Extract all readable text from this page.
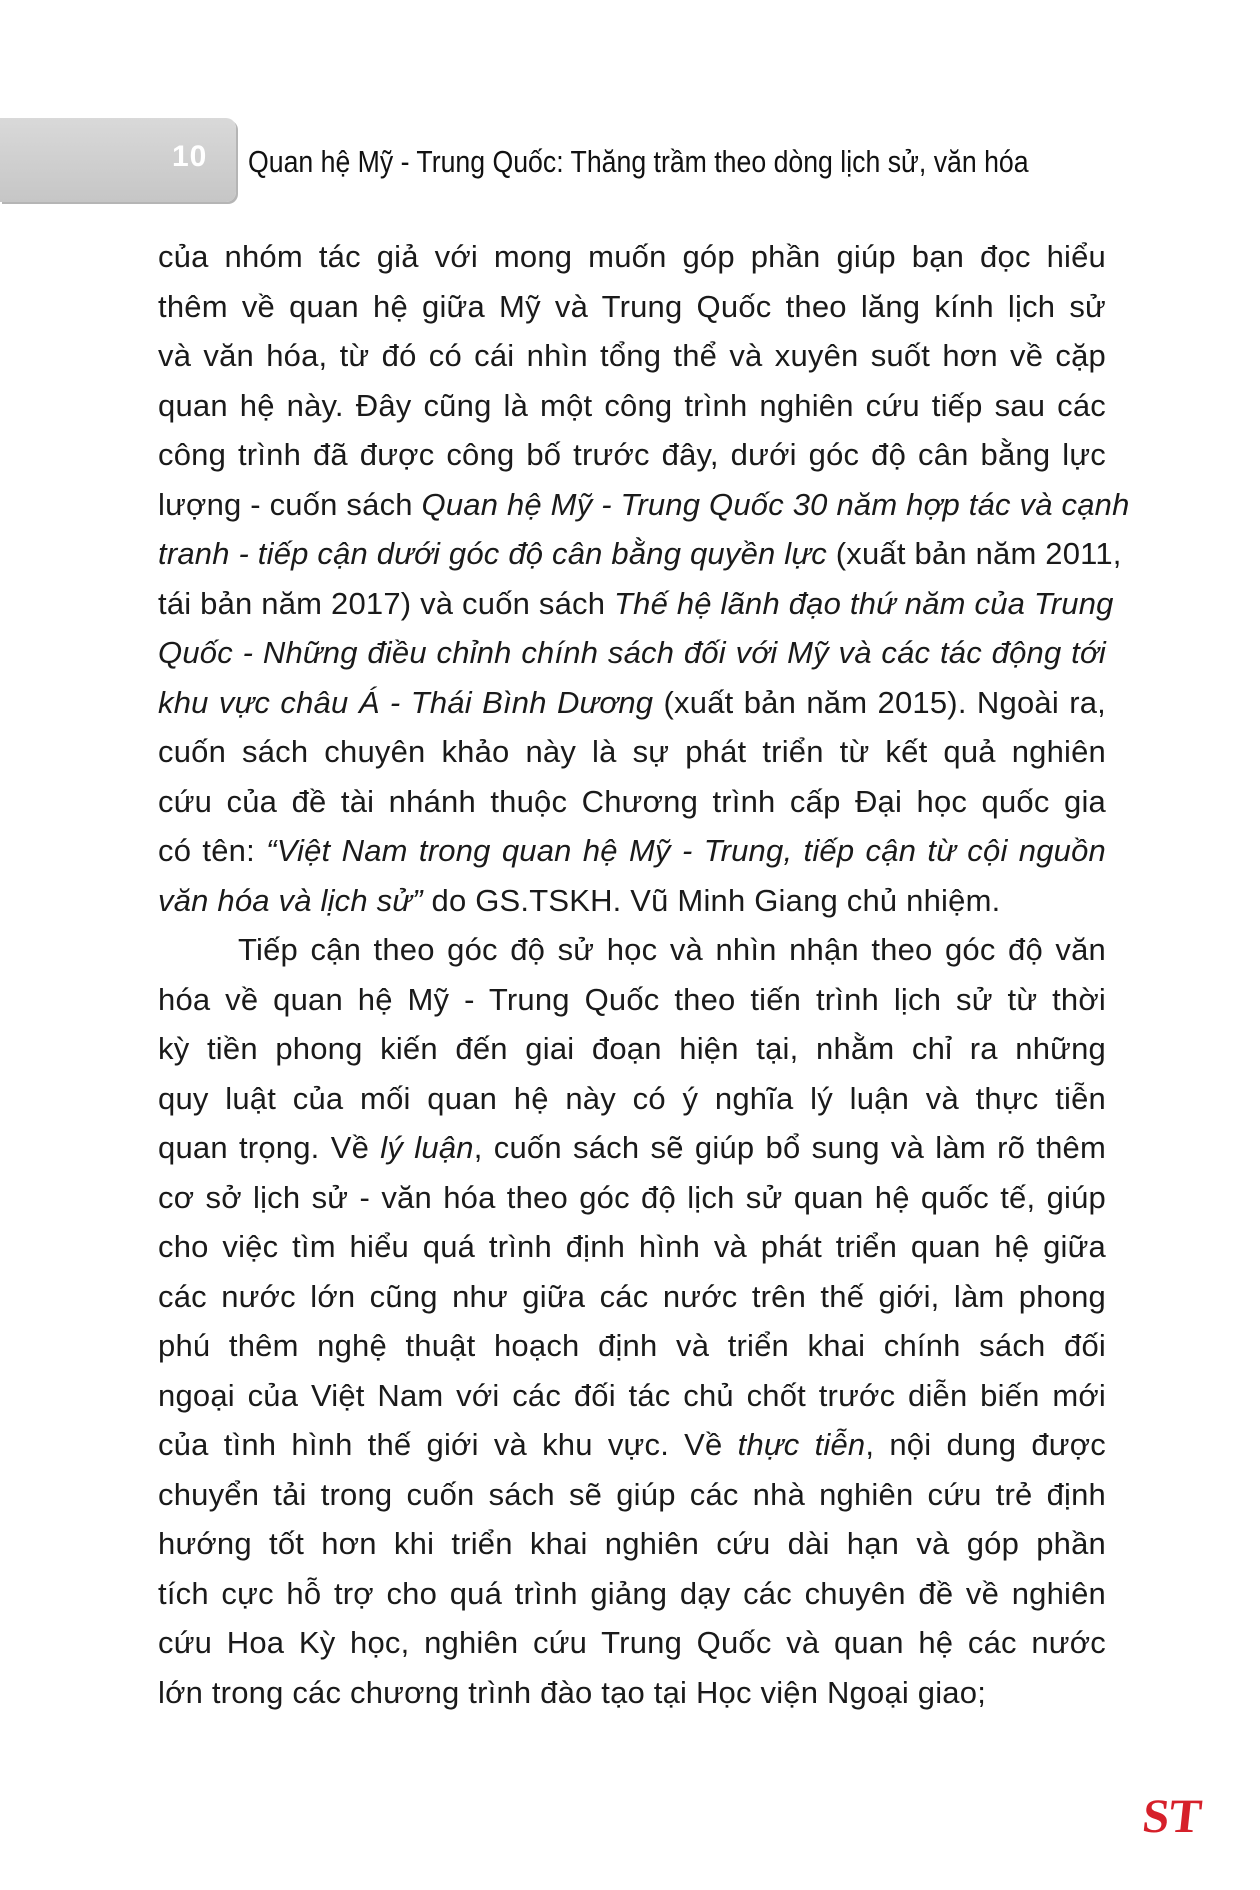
10 Quan hệ Mỹ - Trung Quốc: Thăng trầm theo dòng lịch sử, văn hóa
của nhóm tác giả với mong muốn góp phần giúp bạn đọc hiểu
thêm về quan hệ giữa Mỹ và Trung Quốc theo lăng kính lịch sử
và văn hóa, từ đó có cái nhìn tổng thể và xuyên suốt hơn về cặp
quan hệ này. Đây cũng là một công trình nghiên cứu tiếp sau các
công trình đã được công bố trước đây, dưới góc độ cân bằng lực
lượng - cuốn sách Quan hệ Mỹ - Trung Quốc 30 năm hợp tác và cạnh
tranh - tiếp cận dưới góc độ cân bằng quyền lực (xuất bản năm 2011,
tái bản năm 2017) và cuốn sách Thế hệ lãnh đạo thứ năm của Trung
Quốc - Những điều chỉnh chính sách đối với Mỹ và các tác động tới
khu vực châu Á - Thái Bình Dương (xuất bản năm 2015). Ngoài ra,
cuốn sách chuyên khảo này là sự phát triển từ kết quả nghiên
cứu của đề tài nhánh thuộc Chương trình cấp Đại học quốc gia
có tên: “Việt Nam trong quan hệ Mỹ - Trung, tiếp cận từ cội nguồn
văn hóa và lịch sử” do GS.TSKH. Vũ Minh Giang chủ nhiệm.
Tiếp cận theo góc độ sử học và nhìn nhận theo góc độ văn
hóa về quan hệ Mỹ - Trung Quốc theo tiến trình lịch sử từ thời
kỳ tiền phong kiến đến giai đoạn hiện tại, nhằm chỉ ra những
quy luật của mối quan hệ này có ý nghĩa lý luận và thực tiễn
quan trọng. Về lý luận, cuốn sách sẽ giúp bổ sung và làm rõ thêm
cơ sở lịch sử - văn hóa theo góc độ lịch sử quan hệ quốc tế, giúp
cho việc tìm hiểu quá trình định hình và phát triển quan hệ giữa
các nước lớn cũng như giữa các nước trên thế giới, làm phong
phú thêm nghệ thuật hoạch định và triển khai chính sách đối
ngoại của Việt Nam với các đối tác chủ chốt trước diễn biến mới
của tình hình thế giới và khu vực. Về thực tiễn, nội dung được
chuyển tải trong cuốn sách sẽ giúp các nhà nghiên cứu trẻ định
hướng tốt hơn khi triển khai nghiên cứu dài hạn và góp phần
tích cực hỗ trợ cho quá trình giảng dạy các chuyên đề về nghiên
cứu Hoa Kỳ học, nghiên cứu Trung Quốc và quan hệ các nước
lớn trong các chương trình đào tạo tại Học viện Ngoại giao;
ST
